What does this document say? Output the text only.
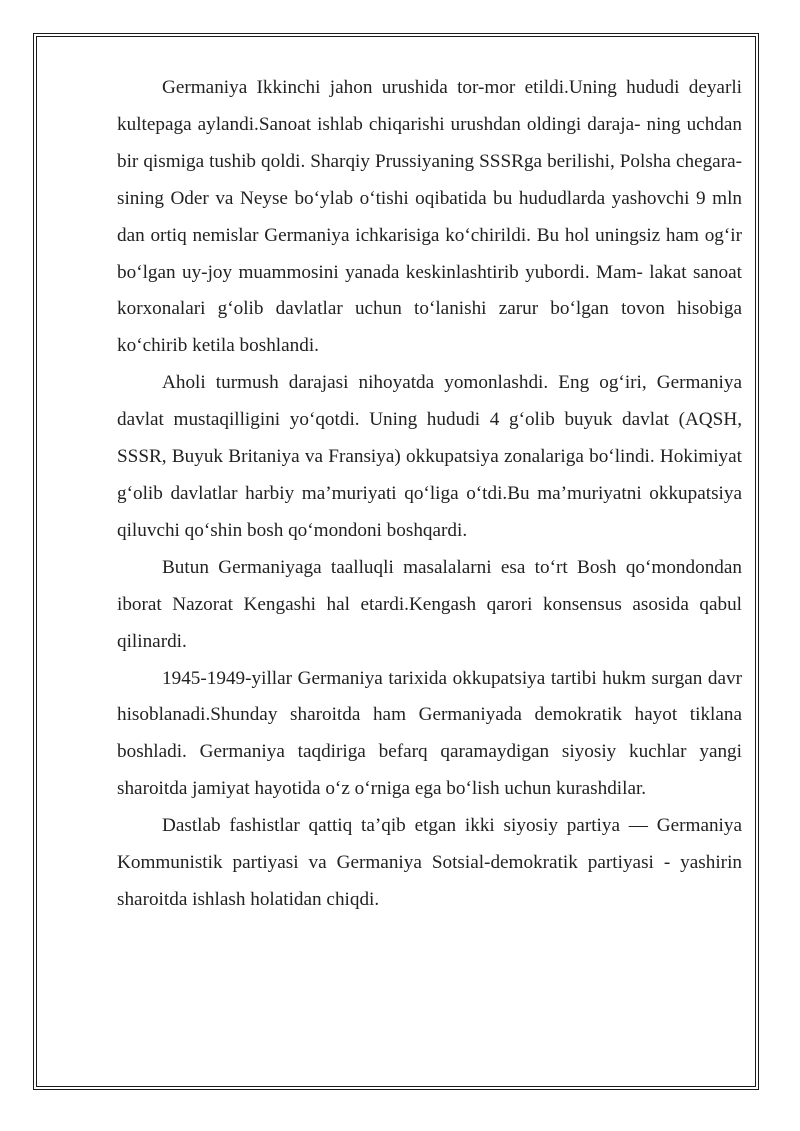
Germaniya Ikkinchi jahon urushida tor-mor etildi.Uning hududi deyarli kultepaga aylandi.Sanoat ishlab chiqarishi urushdan oldingi daraja- ning uchdan bir qismiga tushib qoldi. Sharqiy Prussiyaning SSSRga berilishi, Polsha chegara- sining Oder va Neyse bo‘ylab o‘tishi oqibatida bu hududlarda yashovchi 9 mln dan ortiq nemislar Germaniya ichkarisiga ko‘chirildi. Bu hol uningsiz ham og‘ir bo‘lgan uy-joy muammosini yanada keskinlashtirib yubordi. Mam- lakat sanoat korxonalari g‘olib davlatlar uchun to‘lanishi zarur bo‘lgan tovon hisobiga ko‘chirib ketila boshlandi.

Aholi turmush darajasi nihoyatda yomonlashdi. Eng og‘iri, Germaniya davlat mustaqilligini yo‘qotdi. Uning hududi 4 g‘olib buyuk davlat (AQSH, SSSR, Buyuk Britaniya va Fransiya) okkupatsiya zonalariga bo‘lindi. Hokimiyat g‘olib davlatlar harbiy ma’muriyati qo‘liga o‘tdi.Bu ma’muriyatni okkupatsiya qiluvchi qo‘shin bosh qo‘mondoni boshqardi.

Butun Germaniyaga taalluqli masalalarni esa to‘rt Bosh qo‘mondondan iborat Nazorat Kengashi hal etardi.Kengash qarori konsensus asosida qabul qilinardi.

1945-1949-yillar Germaniya tarixida okkupatsiya tartibi hukm surgan davr hisoblanadi.Shunday sharoitda ham Germaniyada demokratik hayot tiklana boshladi. Germaniya taqdiriga befarq qaramaydigan siyosiy kuchlar yangi sharoitda jamiyat hayotida o‘z o‘rniga ega bo‘lish uchun kurashdilar.

Dastlab fashistlar qattiq ta’qib etgan ikki siyosiy partiya — Germaniya Kommunistik partiyasi va Germaniya Sotsial-demokratik partiyasi - yashirin sharoitda ishlash holatidan chiqdi.
